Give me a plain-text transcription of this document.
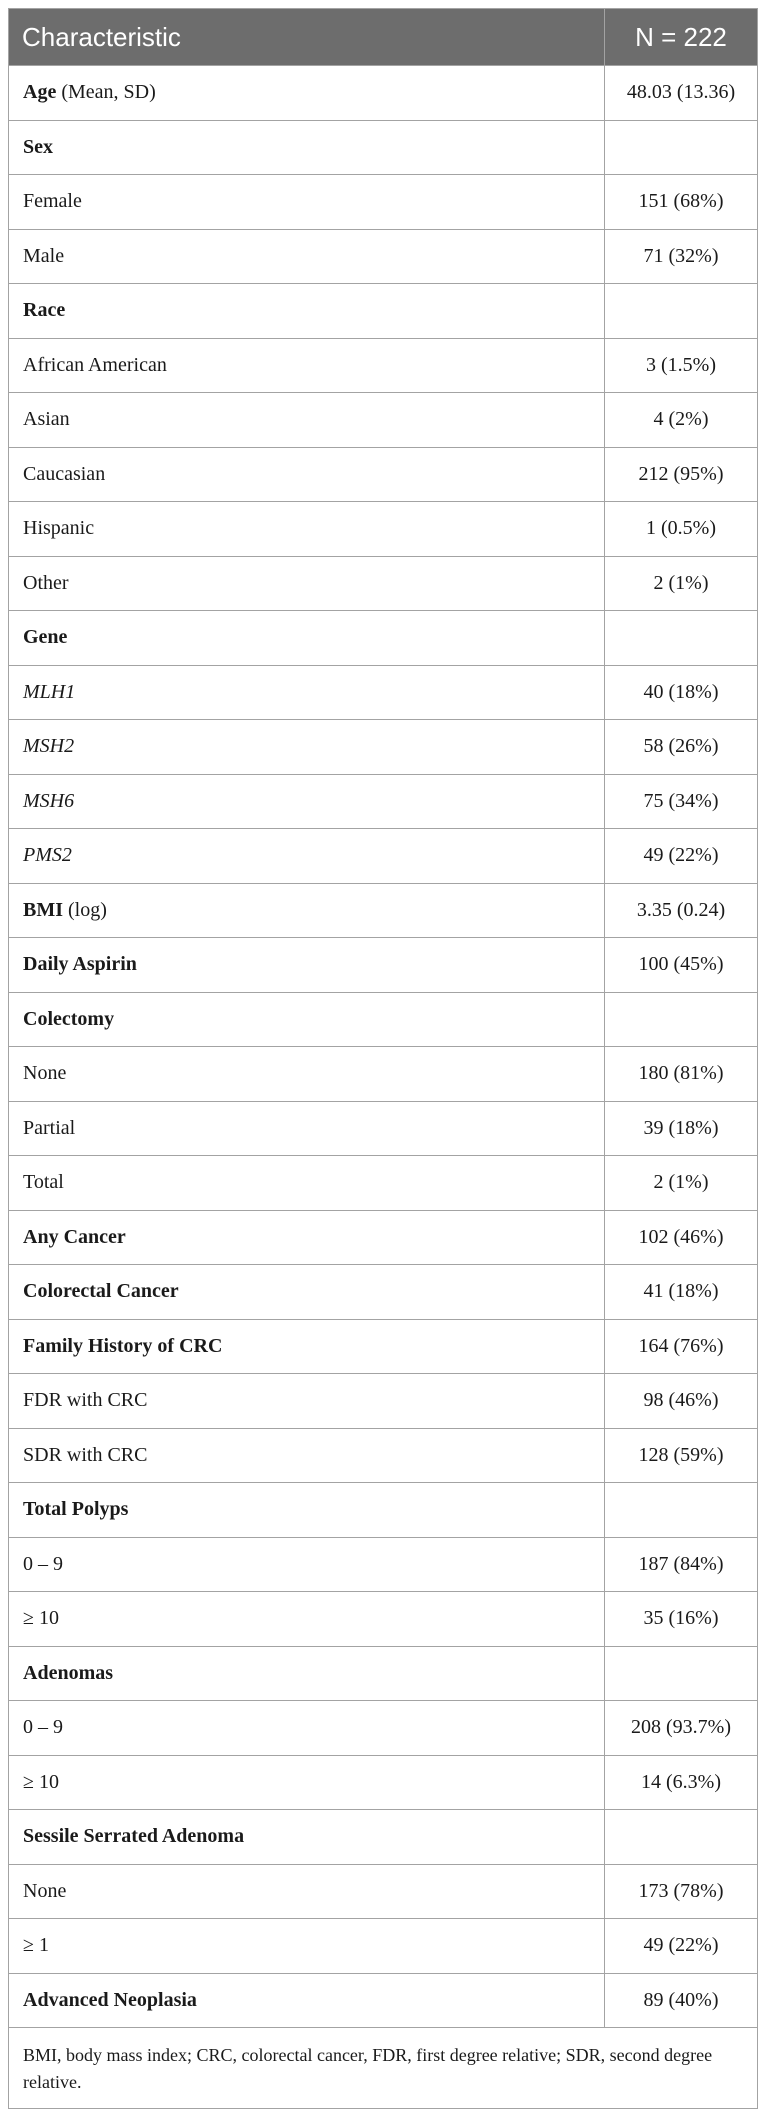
Characteristic	N = 222
Age (Mean, SD)	48.03 (13.36)
Sex
Female	151 (68%)
Male	71 (32%)
Race
African American	3 (1.5%)
Asian	4 (2%)
Caucasian	212 (95%)
Hispanic	1 (0.5%)
Other	2 (1%)
Gene
MLH1	40 (18%)
MSH2	58 (26%)
MSH6	75 (34%)
PMS2	49 (22%)
BMI (log)	3.35 (0.24)
Daily Aspirin	100 (45%)
Colectomy
None	180 (81%)
Partial	39 (18%)
Total	2 (1%)
Any Cancer	102 (46%)
Colorectal Cancer	41 (18%)
Family History of CRC	164 (76%)
FDR with CRC	98 (46%)
SDR with CRC	128 (59%)
Total Polyps
0 – 9	187 (84%)
≥ 10	35 (16%)
Adenomas
0 – 9	208 (93.7%)
≥ 10	14 (6.3%)
Sessile Serrated Adenoma
None	173 (78%)
≥ 1	49 (22%)
Advanced Neoplasia	89 (40%)
BMI, body mass index; CRC, colorectal cancer, FDR, first degree relative; SDR, second degree relative.
